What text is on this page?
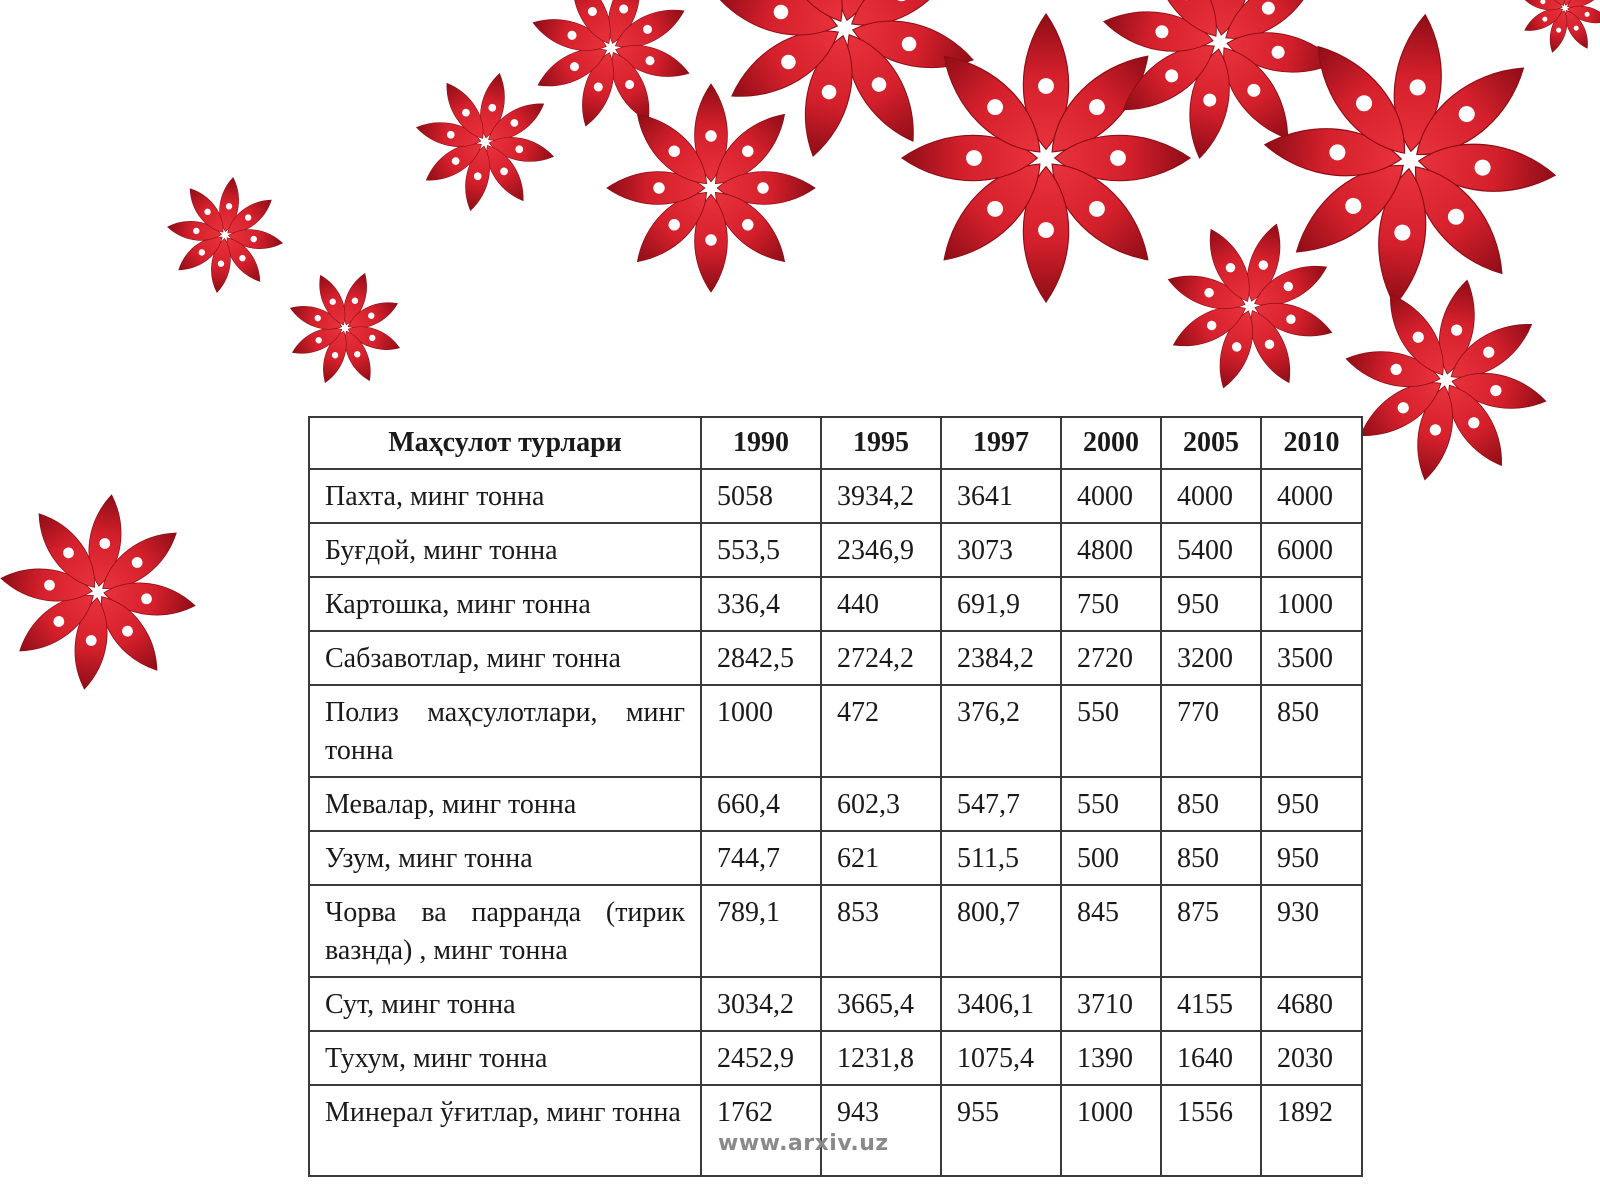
Маҳсулот турлари	1990	1995	1997	2000	2005	2010
Пахта, минг тонна	5058	3934,2	3641	4000	4000	4000
Буғдой, минг тонна	553,5	2346,9	3073	4800	5400	6000
Картошка, минг тонна	336,4	440	691,9	750	950	1000
Сабзавотлар, минг тонна	2842,5	2724,2	2384,2	2720	3200	3500
Полиз маҳсулотлари, минг тонна	1000	472	376,2	550	770	850
Мевалар, минг тонна	660,4	602,3	547,7	550	850	950
Узум, минг тонна	744,7	621	511,5	500	850	950
Чорва ва парранда (тирик вазнда) , минг тонна	789,1	853	800,7	845	875	930
Сут, минг тонна	3034,2	3665,4	3406,1	3710	4155	4680
Тухум, минг тонна	2452,9	1231,8	1075,4	1390	1640	2030
Минерал ўғитлар, минг тонна	1762	943	955	1000	1556	1892
www.arxiv.uz
